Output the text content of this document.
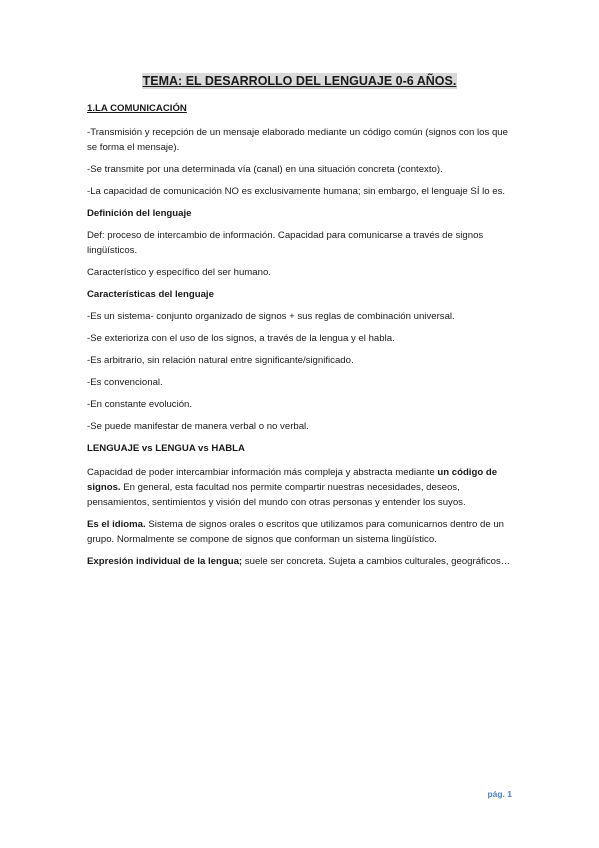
TEMA: EL DESARROLLO DEL LENGUAJE 0-6 AÑOS.

1.LA COMUNICACIÓN

-Transmisión y recepción de un mensaje elaborado mediante un código común (signos con los que se forma el mensaje).

-Se transmite por una determinada vía (canal) en una situación concreta (contexto).

-La capacidad de comunicación NO es exclusivamente humana; sin embargo, el lenguaje SÍ lo es.

Definición del lenguaje

Def: proceso de intercambio de información. Capacidad para comunicarse a través de signos lingüísticos.

Característico y específico del ser humano.

Características del lenguaje

-Es un sistema- conjunto organizado de signos + sus reglas de combinación universal.

-Se exterioriza con el uso de los signos, a través de la lengua y el habla.

-Es arbitrario, sin relación natural entre significante/significado.

-Es convencional.

-En constante evolución.

-Se puede manifestar de manera verbal o no verbal.

LENGUAJE vs LENGUA vs HABLA

Capacidad de poder intercambiar información más compleja y abstracta mediante un código de signos. En general, esta facultad nos permite compartir nuestras necesidades, deseos, pensamientos, sentimientos y visión del mundo con otras personas y entender los suyos.

Es el idioma. Sistema de signos orales o escritos que utilizamos para comunicarnos dentro de un grupo. Normalmente se compone de signos que conforman un sistema lingüístico.

Expresión individual de la lengua; suele ser concreta. Sujeta a cambios culturales, geográficos…

pág. 1
